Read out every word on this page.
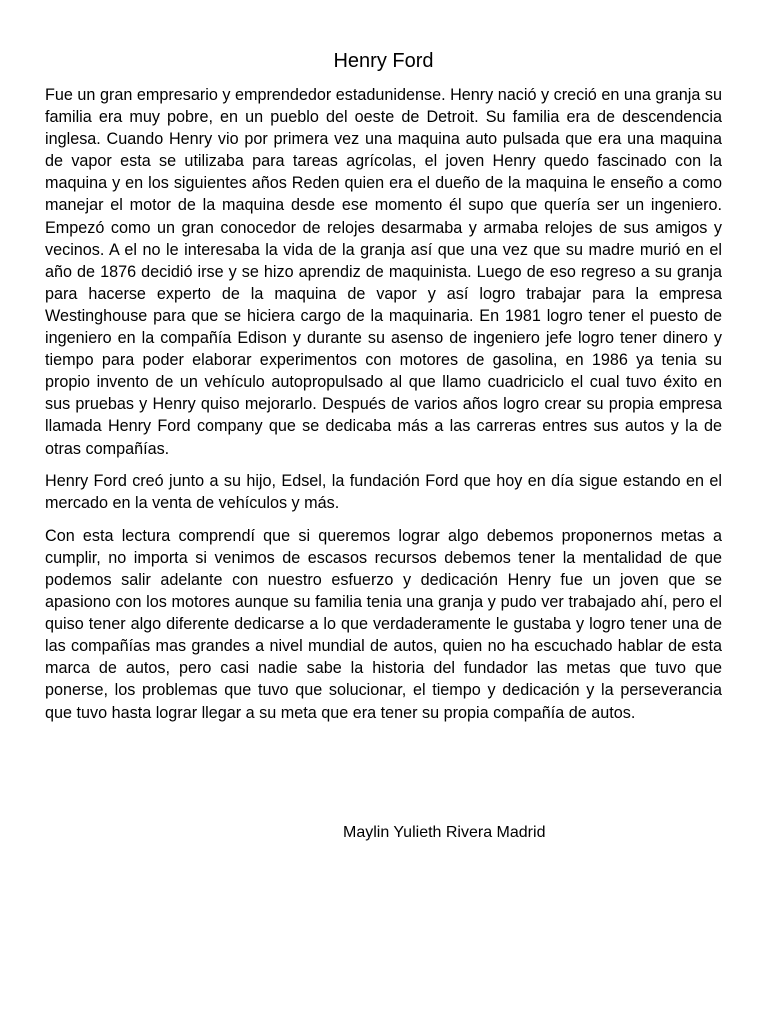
Henry Ford

Fue un gran empresario y emprendedor estadunidense. Henry nació y creció en una granja su familia era muy pobre, en un pueblo del oeste de Detroit. Su familia era de descendencia inglesa. Cuando Henry vio por primera vez una maquina auto pulsada que era una maquina de vapor esta se utilizaba para tareas agrícolas, el joven Henry quedo fascinado con la maquina y en los siguientes años Reden quien era el dueño de la maquina le enseño a como manejar el motor de la maquina desde ese momento él supo que quería ser un ingeniero. Empezó como un gran conocedor de relojes desarmaba y armaba relojes de sus amigos y vecinos. A el no le interesaba la vida de la granja así que una vez que su madre murió en el año de 1876 decidió irse y se hizo aprendiz de maquinista. Luego de eso regreso a su granja para hacerse experto de la maquina de vapor y así logro trabajar para la empresa Westinghouse para que se hiciera cargo de la maquinaria. En 1981 logro tener el puesto de ingeniero en la compañía Edison y durante su asenso de ingeniero jefe logro tener dinero y tiempo para poder elaborar experimentos con motores de gasolina, en 1986 ya tenia su propio invento de un vehículo autopropulsado al que llamo cuadriciclo el cual tuvo éxito en sus pruebas y Henry quiso mejorarlo. Después de varios años logro crear su propia empresa llamada Henry Ford company que se dedicaba más a las carreras entres sus autos y la de otras compañías.

Henry Ford creó junto a su hijo, Edsel, la fundación Ford que hoy en día sigue estando en el mercado en la venta de vehículos y más.

Con esta lectura comprendí que si queremos lograr algo debemos proponernos metas a cumplir, no importa si venimos de escasos recursos debemos tener la mentalidad de que podemos salir adelante con nuestro esfuerzo y dedicación Henry fue un joven que se apasiono con los motores aunque su familia tenia una granja y pudo ver trabajado ahí, pero el quiso tener algo diferente dedicarse a lo que verdaderamente le gustaba y logro tener una de las compañías mas grandes a nivel mundial de autos, quien no ha escuchado hablar de esta marca de autos, pero casi nadie sabe la historia del fundador las metas que tuvo que ponerse, los problemas que tuvo que solucionar, el tiempo y dedicación y la perseverancia que tuvo hasta lograr llegar a su meta que era tener su propia compañía de autos.

Maylin Yulieth Rivera Madrid
